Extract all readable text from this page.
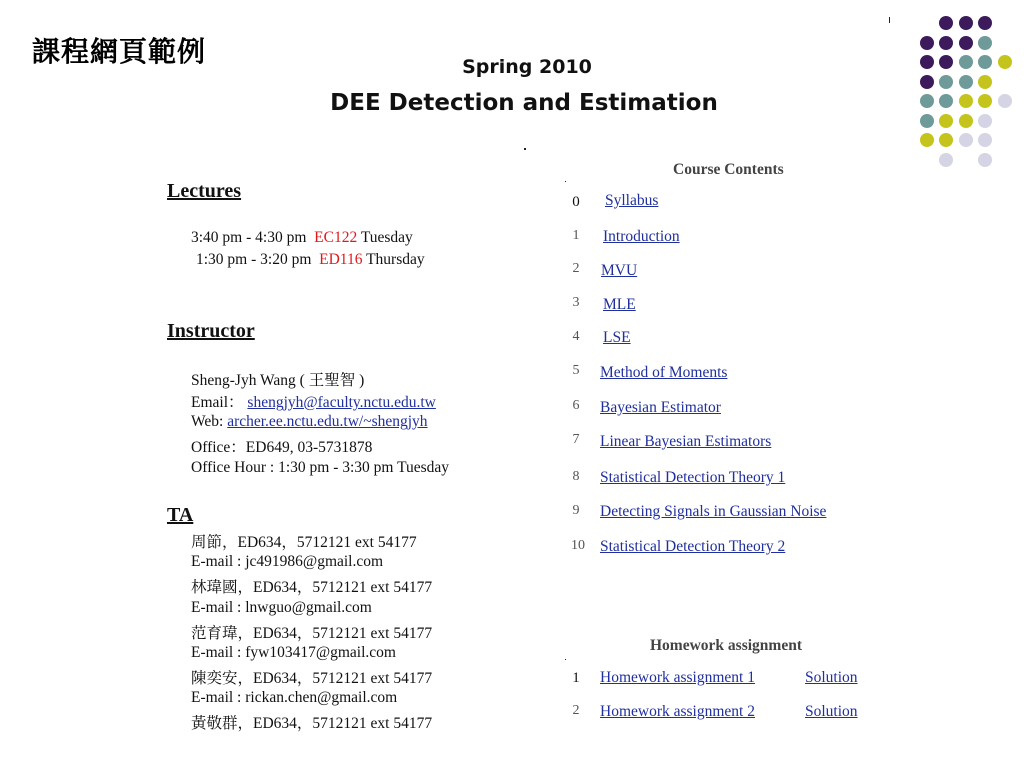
課程網頁範例	Spring 2010
DEE Detection and Estimation
Lectures
3:40 pm - 4:30 pm EC122 Tuesday
1:30 pm - 3:20 pm ED116 Thursday
Instructor
Sheng-Jyh Wang ( 王聖智 )
Email： shengjyh@faculty.nctu.edu.tw
Web: archer.ee.nctu.edu.tw/~shengjyh
Office：ED649, 03-5731878
Office Hour : 1:30 pm - 3:30 pm Tuesday
TA
周節，ED634，5712121 ext 54177
E-mail : jc491986@gmail.com
林瑋國，ED634，5712121 ext 54177
E-mail : lnwguo@gmail.com
范育瑋，ED634，5712121 ext 54177
E-mail : fyw103417@gmail.com
陳奕安，ED634，5712121 ext 54177
E-mail : rickan.chen@gmail.com
黃敬群，ED634，5712121 ext 54177
Course Contents
0	Syllabus
1	Introduction
2	MVU
3	MLE
4	LSE
5	Method of Moments
6	Bayesian Estimator
7	Linear Bayesian Estimators
8	Statistical Detection Theory 1
9	Detecting Signals in Gaussian Noise
10 Statistical Detection Theory 2
Homework assignment
1	Homework assignment 1	Solution
2	Homework assignment 2	Solution
